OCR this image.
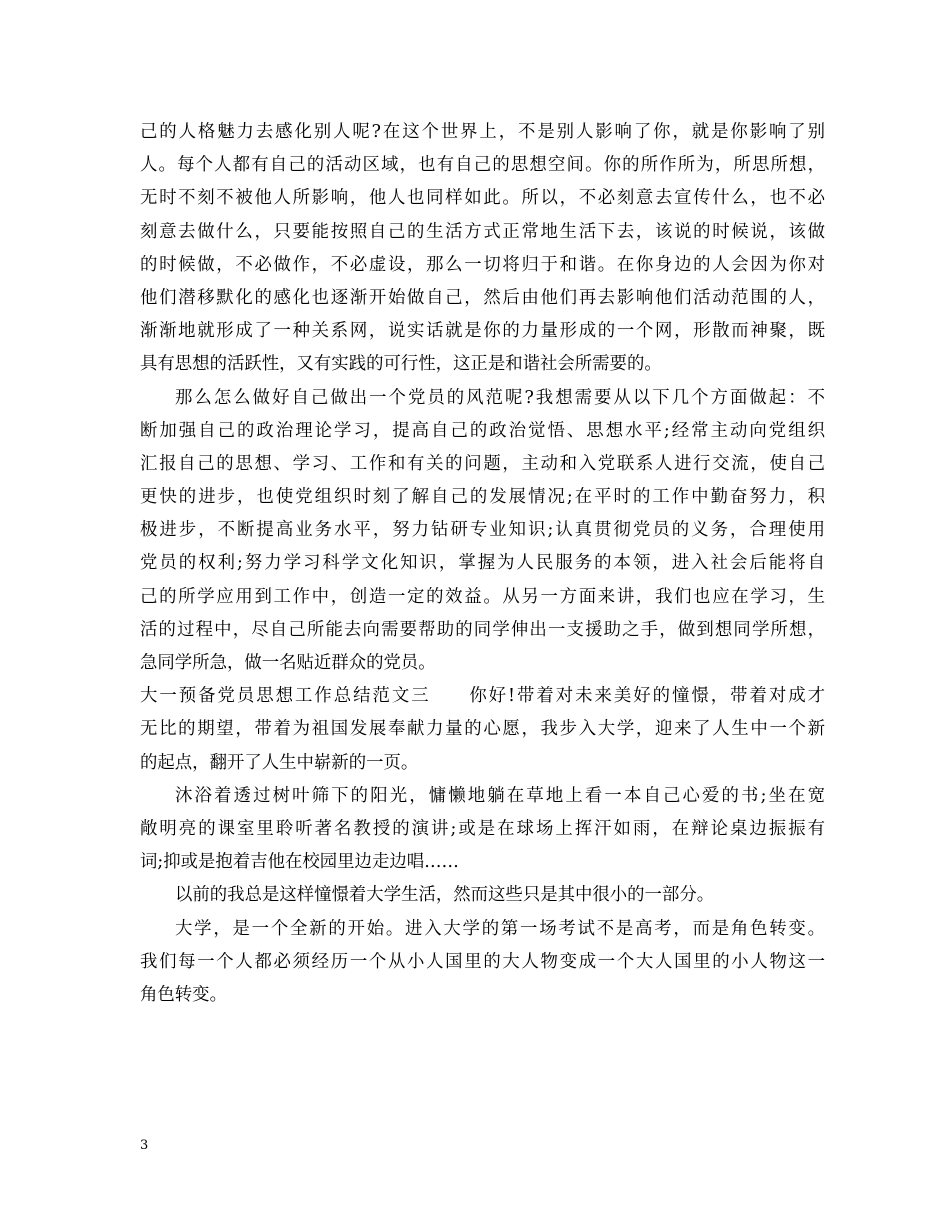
己的人格魅力去感化别人呢?在这个世界上，不是别人影响了你，就是你影响了别
人。每个人都有自己的活动区域，也有自己的思想空间。你的所作所为，所思所想，
无时不刻不被他人所影响，他人也同样如此。所以，不必刻意去宣传什么，也不必
刻意去做什么，只要能按照自己的生活方式正常地生活下去，该说的时候说，该做
的时候做，不必做作，不必虚设，那么一切将归于和谐。在你身边的人会因为你对
他们潜移默化的感化也逐渐开始做自己，然后由他们再去影响他们活动范围的人，
渐渐地就形成了一种关系网，说实话就是你的力量形成的一个网，形散而神聚，既
具有思想的活跃性，又有实践的可行性，这正是和谐社会所需要的。
那么怎么做好自己做出一个党员的风范呢?我想需要从以下几个方面做起：不
断加强自己的政治理论学习，提高自己的政治觉悟、思想水平;经常主动向党组织
汇报自己的思想、学习、工作和有关的问题，主动和入党联系人进行交流，使自己
更快的进步，也使党组织时刻了解自己的发展情况;在平时的工作中勤奋努力，积
极进步，不断提高业务水平，努力钻研专业知识;认真贯彻党员的义务，合理使用
党员的权利;努力学习科学文化知识，掌握为人民服务的本领，进入社会后能将自
己的所学应用到工作中，创造一定的效益。从另一方面来讲，我们也应在学习，生
活的过程中，尽自己所能去向需要帮助的同学伸出一支援助之手，做到想同学所想，
急同学所急，做一名贴近群众的党员。
大一预备党员思想工作总结范文三　　你好!带着对未来美好的憧憬，带着对成才
无比的期望，带着为祖国发展奉献力量的心愿，我步入大学，迎来了人生中一个新
的起点，翻开了人生中崭新的一页。
沐浴着透过树叶筛下的阳光，慵懒地躺在草地上看一本自己心爱的书;坐在宽
敞明亮的课室里聆听著名教授的演讲;或是在球场上挥汗如雨，在辩论桌边振振有
词;抑或是抱着吉他在校园里边走边唱……
以前的我总是这样憧憬着大学生活，然而这些只是其中很小的一部分。
大学，是一个全新的开始。进入大学的第一场考试不是高考，而是角色转变。
我们每一个人都必须经历一个从小人国里的大人物变成一个大人国里的小人物这一
角色转变。
3
